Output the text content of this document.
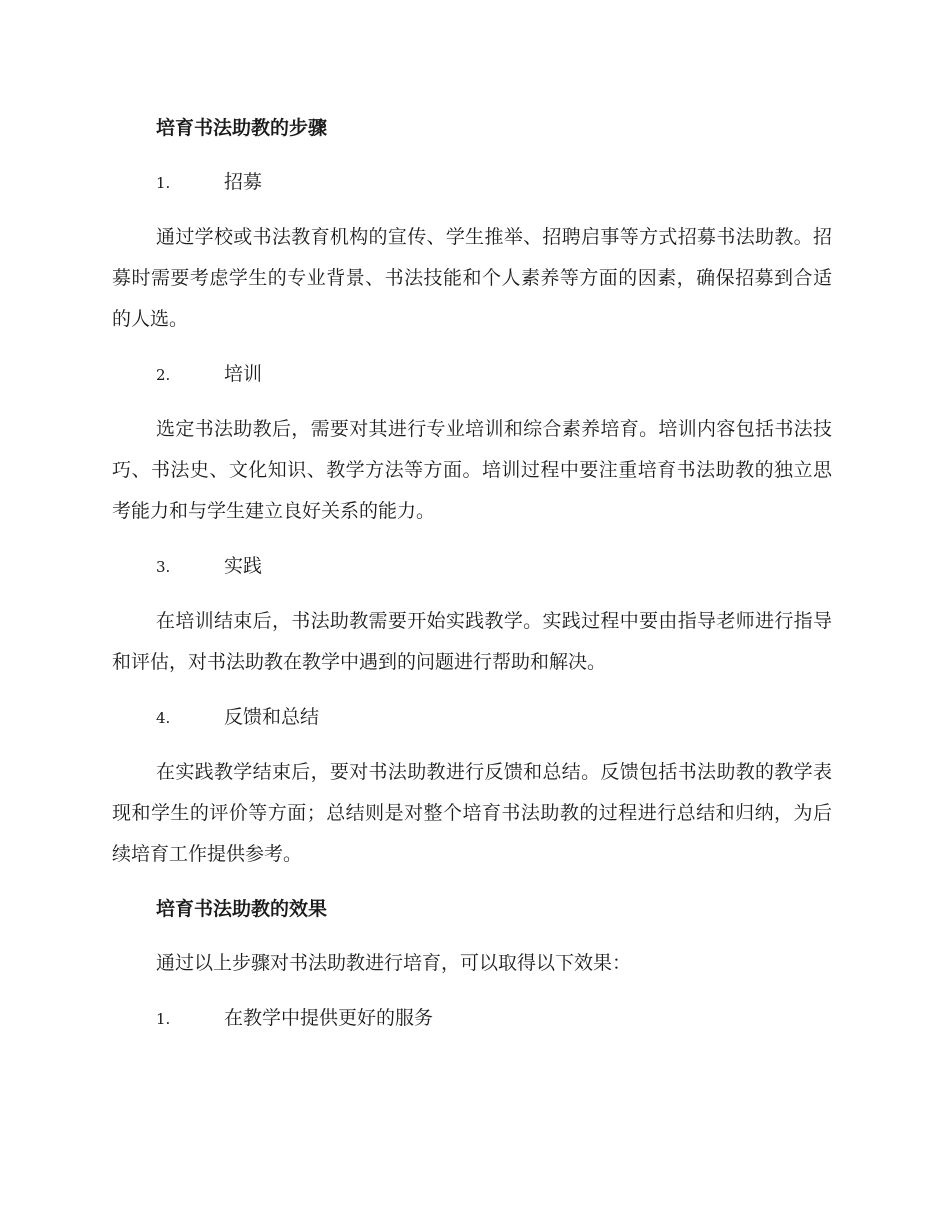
培育书法助教的步骤
1.	招募

通过学校或书法教育机构的宣传、学生推举、招聘启事等方式招募书法助教。招募时需要考虑学生的专业背景、书法技能和个人素养等方面的因素，确保招募到合适的人选。

2.	培训

选定书法助教后，需要对其进行专业培训和综合素养培育。培训内容包括书法技巧、书法史、文化知识、教学方法等方面。培训过程中要注重培育书法助教的独立思考能力和与学生建立良好关系的能力。

3.	实践

在培训结束后，书法助教需要开始实践教学。实践过程中要由指导老师进行指导和评估，对书法助教在教学中遇到的问题进行帮助和解决。

4.	反馈和总结

在实践教学结束后，要对书法助教进行反馈和总结。反馈包括书法助教的教学表现和学生的评价等方面；总结则是对整个培育书法助教的过程进行总结和归纳，为后续培育工作提供参考。

培育书法助教的效果

通过以上步骤对书法助教进行培育，可以取得以下效果：

1.	在教学中提供更好的服务
